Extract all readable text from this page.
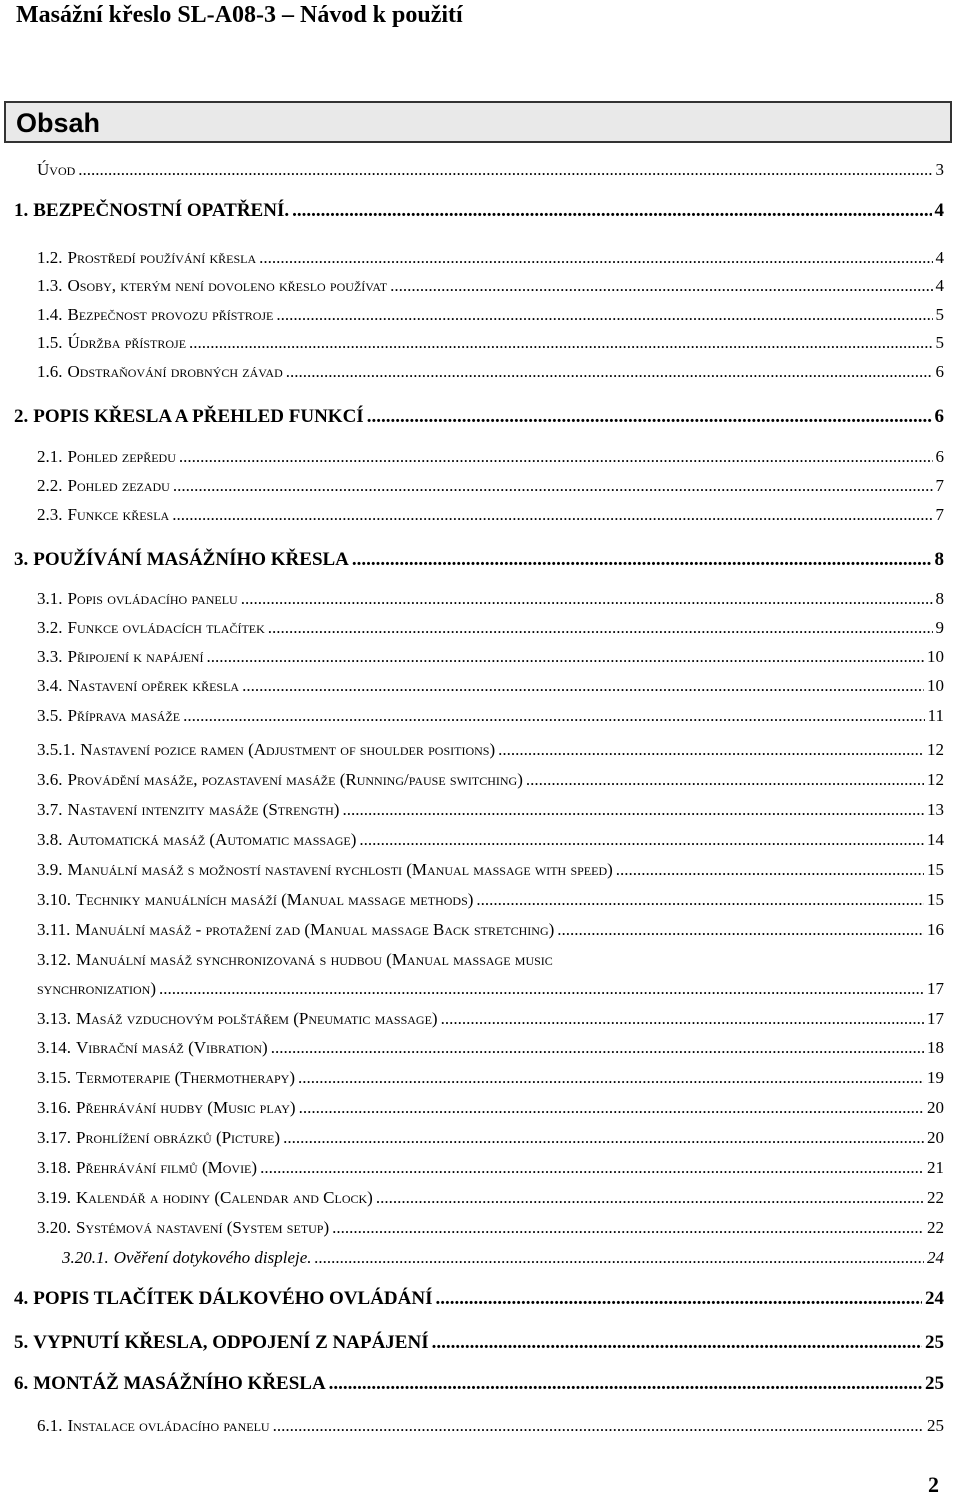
Masážní křeslo SL-A08-3 – Návod k použití
Obsah
Úvod .....	3
1. BEZPEČNOSTNÍ OPATŘENÍ. .....	4
1.2. Prostředí používání křesla .....	4
1.3. Osoby, kterým není dovoleno křeslo používat .....	4
1.4. Bezpečnost provozu přístroje .....	5
1.5. Údržba přístroje .....	5
1.6. Odstraňování drobných závad .....	6
2. POPIS KŘESLA A PŘEHLED FUNKCÍ .....	6
2.1. Pohled zepředu .....	6
2.2. Pohled zezadu .....	7
2.3. Funkce křesla .....	7
3. POUŽÍVÁNÍ MASÁŽNÍHO KŘESLA .....	8
3.1. Popis ovládacího panelu .....	8
3.2. Funkce ovládacích tlačítek .....	9
3.3. Připojení k napájení .....	10
3.4. Nastavení opěrek křesla .....	10
3.5. Příprava masáže .....	11
3.5.1. Nastavení pozice ramen (Adjustment of shoulder positions) .....	12
3.6. Provádění masáže, pozastavení masáže (Running/pause switching) .....	12
3.7. Nastavení intenzity masáže (Strength) .....	13
3.8. Automatická masáž (Automatic massage) .....	14
3.9. Manuální masáž s možností nastavení rychlosti (Manual massage with speed) .....	15
3.10. Techniky manuálních masáží (Manual massage methods) .....	15
3.11. Manuální masáž - protažení zad (Manual massage Back stretching) .....	16
3.12. Manuální masáž synchronizovaná s hudbou (Manual massage music
synchronization) .....	17
3.13. Masáž vzduchovým polštářem (Pneumatic massage) .....	17
3.14. Vibrační masáž (Vibration) .....	18
3.15. Termoterapie (Thermotherapy) .....	19
3.16. Přehrávání hudby (Music play) .....	20
3.17. Prohlížení obrázků (Picture) .....	20
3.18. Přehrávání filmů (Movie) .....	21
3.19. Kalendář a hodiny (Calendar and Clock) .....	22
3.20. Systémová nastavení (System setup) .....	22
3.20.1. Ověření dotykového displeje. .....	24
4. POPIS TLAČÍTEK DÁLKOVÉHO OVLÁDÁNÍ .....	24
5. VYPNUTÍ KŘESLA, ODPOJENÍ Z NAPÁJENÍ .....	25
6. MONTÁŽ MASÁŽNÍHO KŘESLA .....	25
6.1. Instalace ovládacího panelu .....	25
2
